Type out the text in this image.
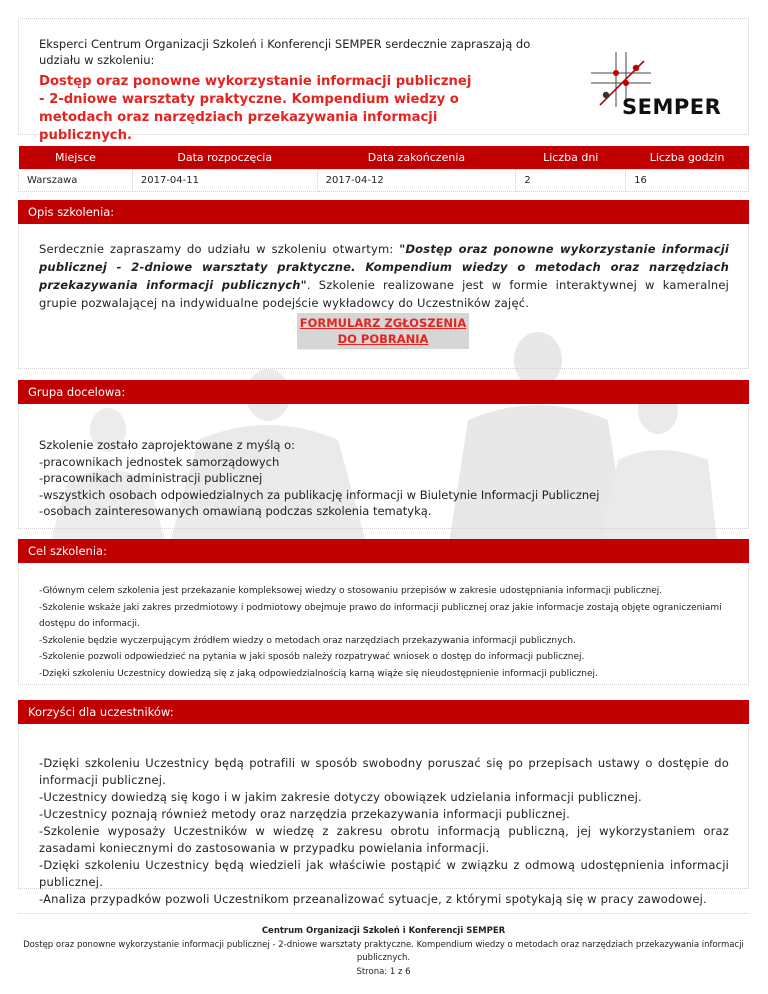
Eksperci Centrum Organizacji Szkoleń i Konferencji SEMPER serdecznie zapraszają do udziału w szkoleniu:
Dostęp oraz ponowne wykorzystanie informacji publicznej - 2-dniowe warsztaty praktyczne. Kompendium wiedzy o metodach oraz narzędziach przekazywania informacji publicznych.
SEMPER
Miejsce	Data rozpoczęcia	Data zakończenia	Liczba dni	Liczba godzin
Warszawa	2017-04-11	2017-04-12	2	16
Opis szkolenia:
Serdecznie zapraszamy do udziału w szkoleniu otwartym: "Dostęp oraz ponowne wykorzystanie informacji publicznej - 2-dniowe warsztaty praktyczne. Kompendium wiedzy o metodach oraz narzędziach przekazywania informacji publicznych". Szkolenie realizowane jest w formie interaktywnej w kameralnej grupie pozwalającej na indywidualne podejście wykładowcy do Uczestników zajęć.
FORMULARZ ZGŁOSZENIA
DO POBRANIA
Grupa docelowa:
Szkolenie zostało zaprojektowane z myślą o:
-pracownikach jednostek samorządowych
-pracownikach administracji publicznej
-wszystkich osobach odpowiedzialnych za publikację informacji w Biuletynie Informacji Publicznej
-osobach zainteresowanych omawianą podczas szkolenia tematyką.
Cel szkolenia:
-Głównym celem szkolenia jest przekazanie kompleksowej wiedzy o stosowaniu przepisów w zakresie udostępniania informacji publicznej.
-Szkolenie wskaże jaki zakres przedmiotowy i podmiotowy obejmuje prawo do informacji publicznej oraz jakie informacje zostają objęte ograniczeniami
dostępu do informacji.
-Szkolenie będzie wyczerpującym źródłem wiedzy o metodach oraz narzędziach przekazywania informacji publicznych.
-Szkolenie pozwoli odpowiedzieć na pytania w jaki sposób należy rozpatrywać wniosek o dostęp do informacji publicznej.
-Dzięki szkoleniu Uczestnicy dowiedzą się z jaką odpowiedzialnością karną wiąże się nieudostępnienie informacji publicznej.
Korzyści dla uczestników:
-Dzięki szkoleniu Uczestnicy będą potrafili w sposób swobodny poruszać się po przepisach ustawy o dostępie do informacji publicznej.
-Uczestnicy dowiedzą się kogo i w jakim zakresie dotyczy obowiązek udzielania informacji publicznej.
-Uczestnicy poznają również metody oraz narzędzia przekazywania informacji publicznej.
-Szkolenie wyposaży Uczestników w wiedzę z zakresu obrotu informacją publiczną, jej wykorzystaniem oraz zasadami koniecznymi do zastosowania w przypadku powielania informacji.
-Dzięki szkoleniu Uczestnicy będą wiedzieli jak właściwie postąpić w związku z odmową udostępnienia informacji publicznej.
-Analiza przypadków pozwoli Uczestnikom przeanalizować sytuacje, z którymi spotykają się w pracy zawodowej.
Centrum Organizacji Szkoleń i Konferencji SEMPER
Dostęp oraz ponowne wykorzystanie informacji publicznej - 2-dniowe warsztaty praktyczne. Kompendium wiedzy o metodach oraz narzędziach przekazywania informacji publicznych.
Strona: 1 z 6
